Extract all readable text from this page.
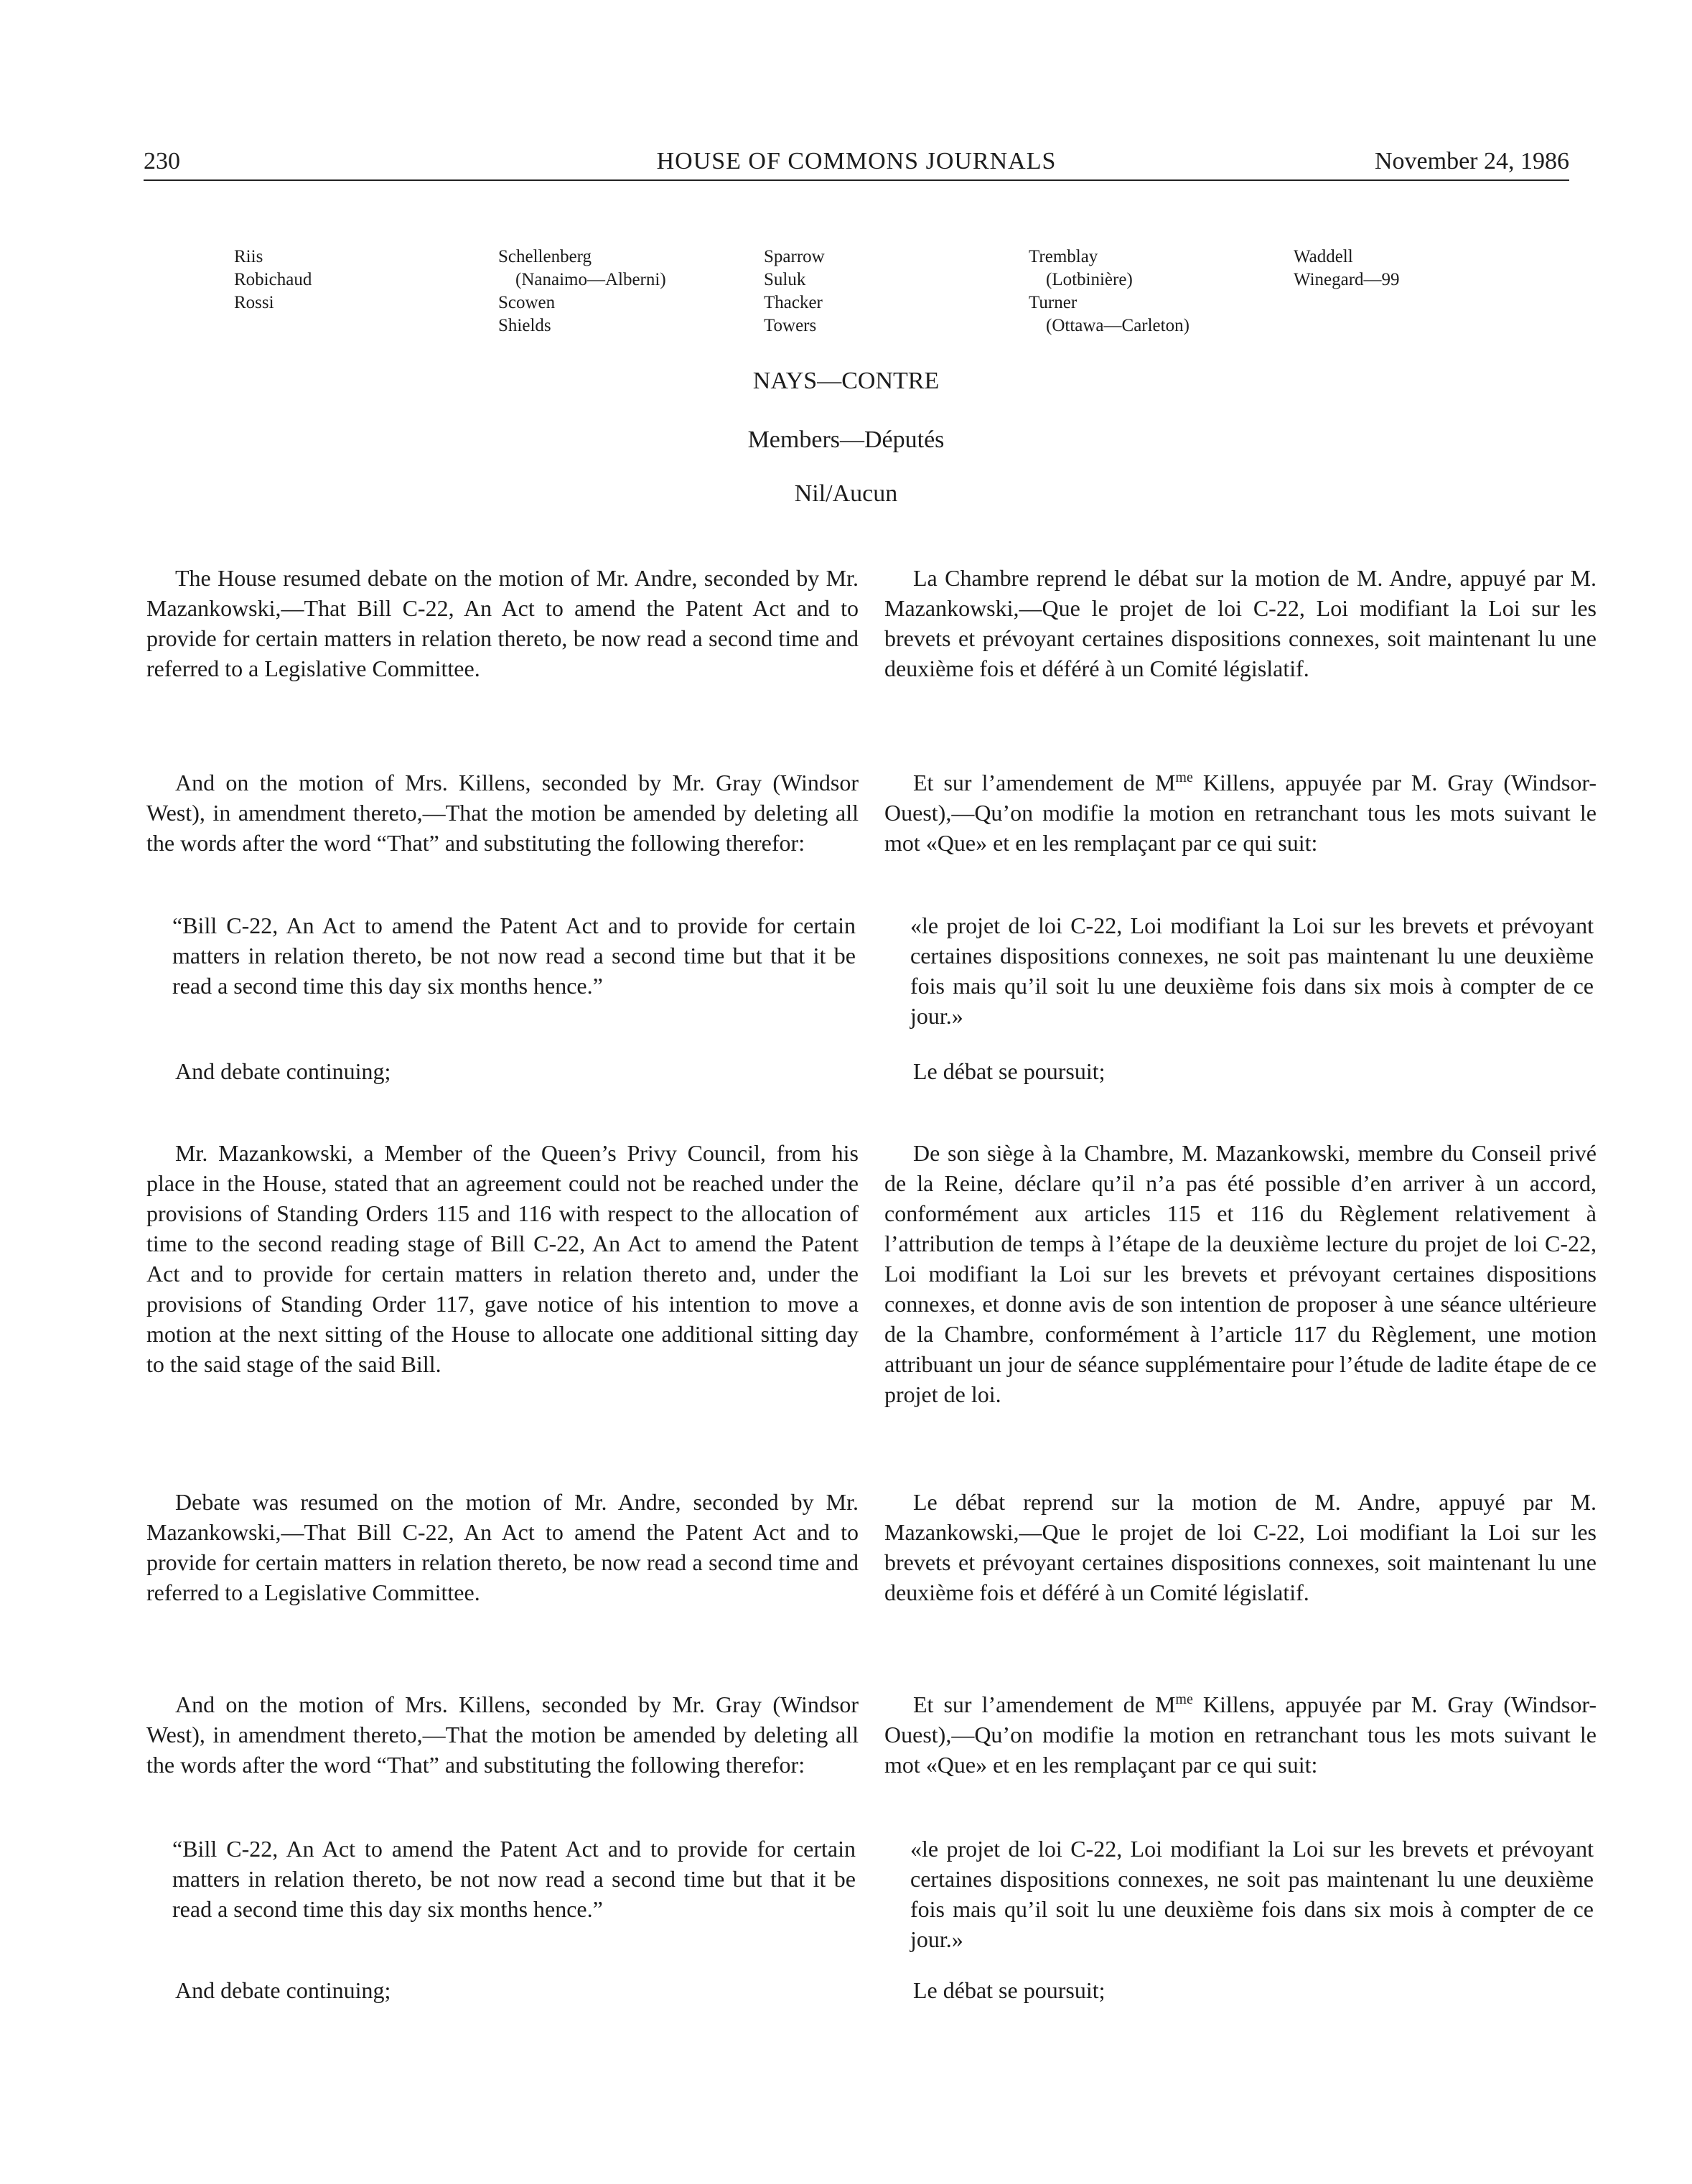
230	HOUSE OF COMMONS JOURNALS	November 24, 1986
Riis
Robichaud
Rossi
Schellenberg
(Nanaimo—Alberni)
Scowen
Shields
Sparrow
Suluk
Thacker
Towers
Tremblay
(Lotbinière)
Turner
(Ottawa—Carleton)
Waddell
Winegard—99
NAYS—CONTRE
Members—Députés
Nil/Aucun

The House resumed debate on the motion of Mr. Andre, seconded by Mr. Mazankowski,—That Bill C-22, An Act to amend the Patent Act and to provide for certain matters in relation thereto, be now read a second time and referred to a Legislative Committee.

And on the motion of Mrs. Killens, seconded by Mr. Gray (Windsor West), in amendment thereto,—That the motion be amended by deleting all the words after the word “That” and substituting the following therefor:

“Bill C-22, An Act to amend the Patent Act and to provide for certain matters in relation thereto, be not now read a second time but that it be read a second time this day six months hence.”

And debate continuing;

Mr. Mazankowski, a Member of the Queen’s Privy Council, from his place in the House, stated that an agreement could not be reached under the provisions of Standing Orders 115 and 116 with respect to the allocation of time to the second reading stage of Bill C-22, An Act to amend the Patent Act and to provide for certain matters in relation thereto and, under the provisions of Standing Order 117, gave notice of his intention to move a motion at the next sitting of the House to allocate one additional sitting day to the said stage of the said Bill.

Debate was resumed on the motion of Mr. Andre, seconded by Mr. Mazankowski,—That Bill C-22, An Act to amend the Patent Act and to provide for certain matters in relation thereto, be now read a second time and referred to a Legislative Committee.

And on the motion of Mrs. Killens, seconded by Mr. Gray (Windsor West), in amendment thereto,—That the motion be amended by deleting all the words after the word “That” and substituting the following therefor:

“Bill C-22, An Act to amend the Patent Act and to provide for certain matters in relation thereto, be not now read a second time but that it be read a second time this day six months hence.”

And debate continuing;

La Chambre reprend le débat sur la motion de M. Andre, appuyé par M. Mazankowski,—Que le projet de loi C-22, Loi modifiant la Loi sur les brevets et prévoyant certaines dispositions connexes, soit maintenant lu une deuxième fois et déféré à un Comité législatif.

Et sur l’amendement de $M^{me}$ Killens, appuyée par M. Gray (Windsor-Ouest),—Qu’on modifie la motion en retranchant tous les mots suivant le mot «Que» et en les remplaçant par ce qui suit:

«le projet de loi C-22, Loi modifiant la Loi sur les brevets et prévoyant certaines dispositions connexes, ne soit pas maintenant lu une deuxième fois mais qu’il soit lu une deuxième fois dans six mois à compter de ce jour.»

Le débat se poursuit;

De son siège à la Chambre, M. Mazankowski, membre du Conseil privé de la Reine, déclare qu’il n’a pas été possible d’en arriver à un accord, conformément aux articles 115 et 116 du Règlement relativement à l’attribution de temps à l’étape de la deuxième lecture du projet de loi C-22, Loi modifiant la Loi sur les brevets et prévoyant certaines dispositions connexes, et donne avis de son intention de proposer à une séance ultérieure de la Chambre, conformément à l’article 117 du Règlement, une motion attribuant un jour de séance supplémentaire pour l’étude de ladite étape de ce projet de loi.

Le débat reprend sur la motion de M. Andre, appuyé par M. Mazankowski,—Que le projet de loi C-22, Loi modifiant la Loi sur les brevets et prévoyant certaines dispositions connexes, soit maintenant lu une deuxième fois et déféré à un Comité législatif.

Et sur l’amendement de $M^{me}$ Killens, appuyée par M. Gray (Windsor-Ouest),—Qu’on modifie la motion en retranchant tous les mots suivant le mot «Que» et en les remplaçant par ce qui suit:

«le projet de loi C-22, Loi modifiant la Loi sur les brevets et prévoyant certaines dispositions connexes, ne soit pas maintenant lu une deuxième fois mais qu’il soit lu une deuxième fois dans six mois à compter de ce jour.»

Le débat se poursuit;
